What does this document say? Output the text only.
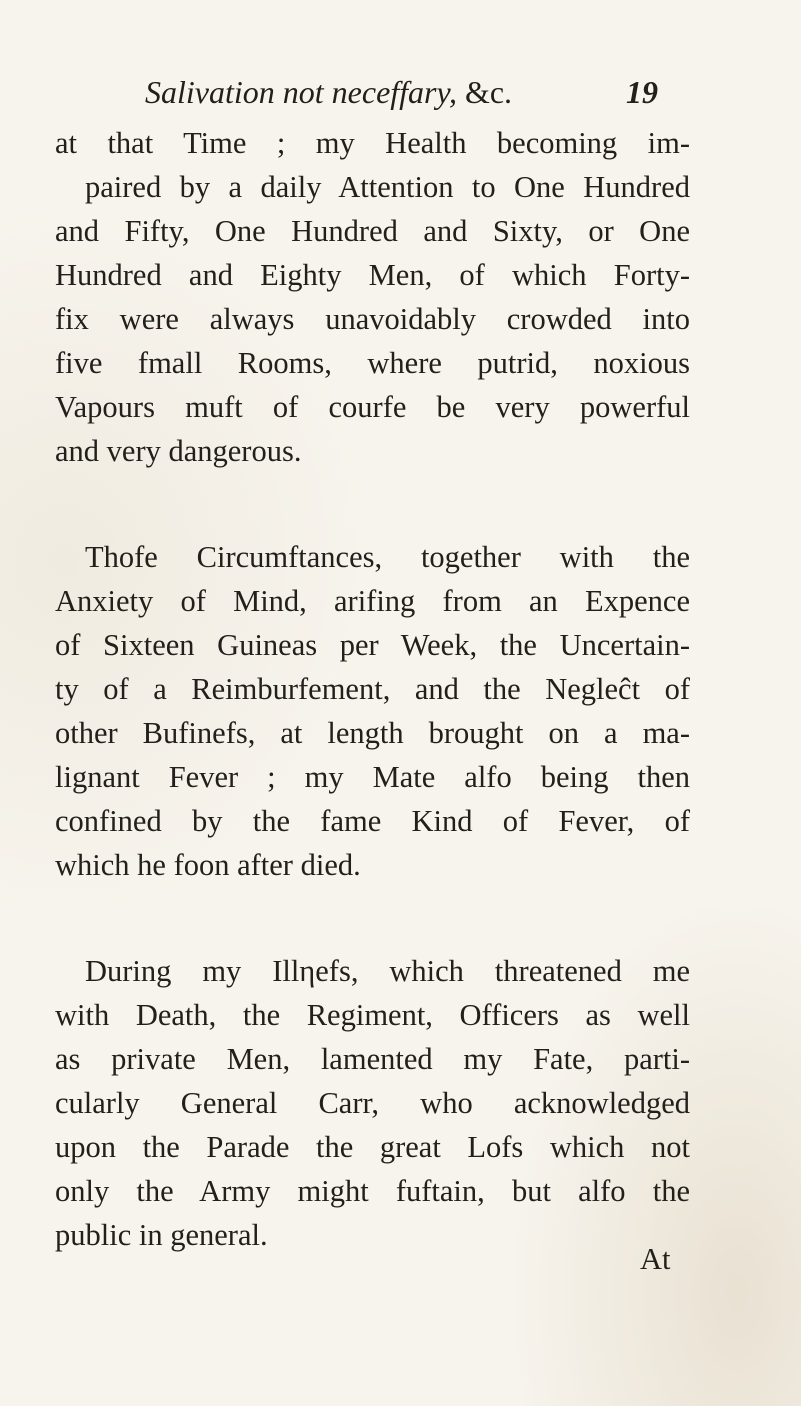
Salivation not neceffary, &c.	19
at that Time ; my Health becoming im-
paired by a daily Attention to One Hundred
and Fifty, One Hundred and Sixty, or One
Hundred and Eighty Men, of which Forty-
fix were always unavoidably crowded into
five fmall Rooms, where putrid, noxious
Vapours muft of courfe be very powerful
and very dangerous.
Thofe Circumftances, together with the
Anxiety of Mind, arifing from an Expence
of Sixteen Guineas per Week, the Uncertain-
ty of a Reimburfement, and the Negleĉt of
other Bufinefs, at length brought on a ma-
lignant Fever ; my Mate alfo being then
confined by the fame Kind of Fever, of
which he foon after died.
During my Illηefs, which threatened me
with Death, the Regiment, Officers as well
as private Men, lamented my Fate, parti-
cularly General Carr, who acknowledged
upon the Parade the great Lofs which not
only the Army might fuftain, but alfo the
public in general.
At
